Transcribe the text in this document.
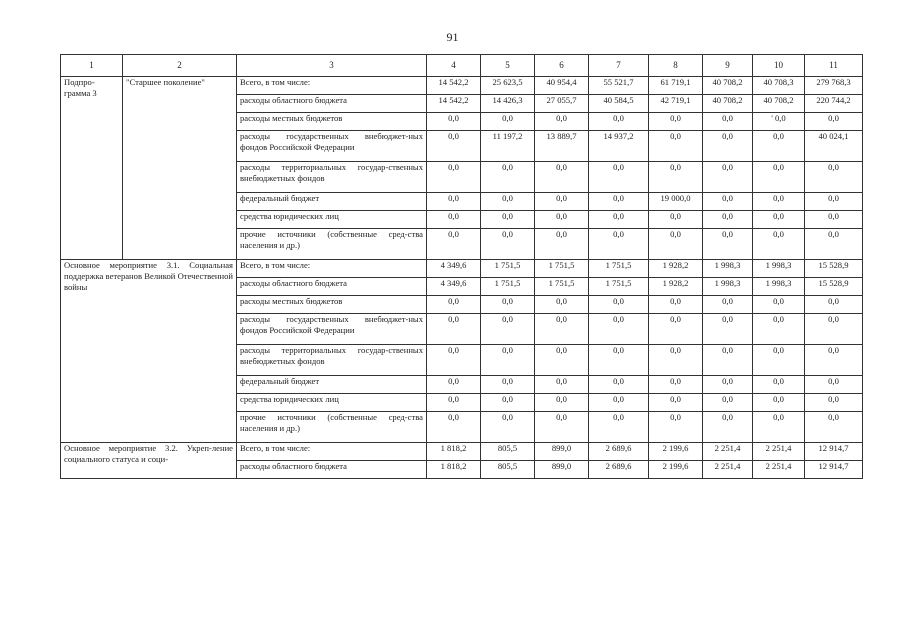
91
1	2	3	4	5	6	7	8	9	10	11
Подпро-грамма 3	"Старшее поколение"	Всего, в том числе:	14 542,2	25 623,5	40 954,4	55 521,7	61 719,1	40 708,2	40 708,3	279 768,3
		расходы областного бюджета	14 542,2	14 426,3	27 055,7	40 584,5	42 719,1	40 708,2	40 708,2	220 744,2
		расходы местных бюджетов	0,0	0,0	0,0	0,0	0,0	0,0	' 0,0	0,0
		расходы государственных внебюджет-ных фондов Российской Федерации	0,0	11 197,2	13 889,7	14 937,2	0,0	0,0	0,0	40 024,1
		расходы территориальных государ-ственных внебюджетных фондов	0,0	0,0	0,0	0,0	0,0	0,0	0,0	0,0
		федеральный бюджет	0,0	0,0	0,0	0,0	19 000,0	0,0	0,0	0,0
		средства юридических лиц	0,0	0,0	0,0	0,0	0,0	0,0	0,0	0,0
		прочие источники (собственные сред-ства населения и др.)	0,0	0,0	0,0	0,0	0,0	0,0	0,0	0,0
Основное мероприятие 3.1. Социальная поддержка ветеранов Великой Отечественной войны		Всего, в том числе:	4 349,6	1 751,5	1 751,5	1 751,5	1 928,2	1 998,3	1 998,3	15 528,9
		расходы областного бюджета	4 349,6	1 751,5	1 751,5	1 751,5	1 928,2	1 998,3	1 998,3	15 528,9
		расходы местных бюджетов	0,0	0,0	0,0	0,0	0,0	0,0	0,0	0,0
		расходы государственных внебюджет-ных фондов Российской Федерации	0,0	0,0	0,0	0,0	0,0	0,0	0,0	0,0
		расходы территориальных государ-ственных внебюджетных фондов	0,0	0,0	0,0	0,0	0,0	0,0	0,0	0,0
		федеральный бюджет	0,0	0,0	0,0	0,0	0,0	0,0	0,0	0,0
		средства юридических лиц	0,0	0,0	0,0	0,0	0,0	0,0	0,0	0,0
		прочие источники (собственные сред-ства населения и др.)	0,0	0,0	0,0	0,0	0,0	0,0	0,0	0,0
Основное мероприятие 3.2. Укреп-ление социального статуса и соци-		Всего, в том числе:	1 818,2	805,5	899,0	2 689,6	2 199,6	2 251,4	2 251,4	12 914,7
		расходы областного бюджета	1 818,2	805,5	899,0	2 689,6	2 199,6	2 251,4	2 251,4	12 914,7
